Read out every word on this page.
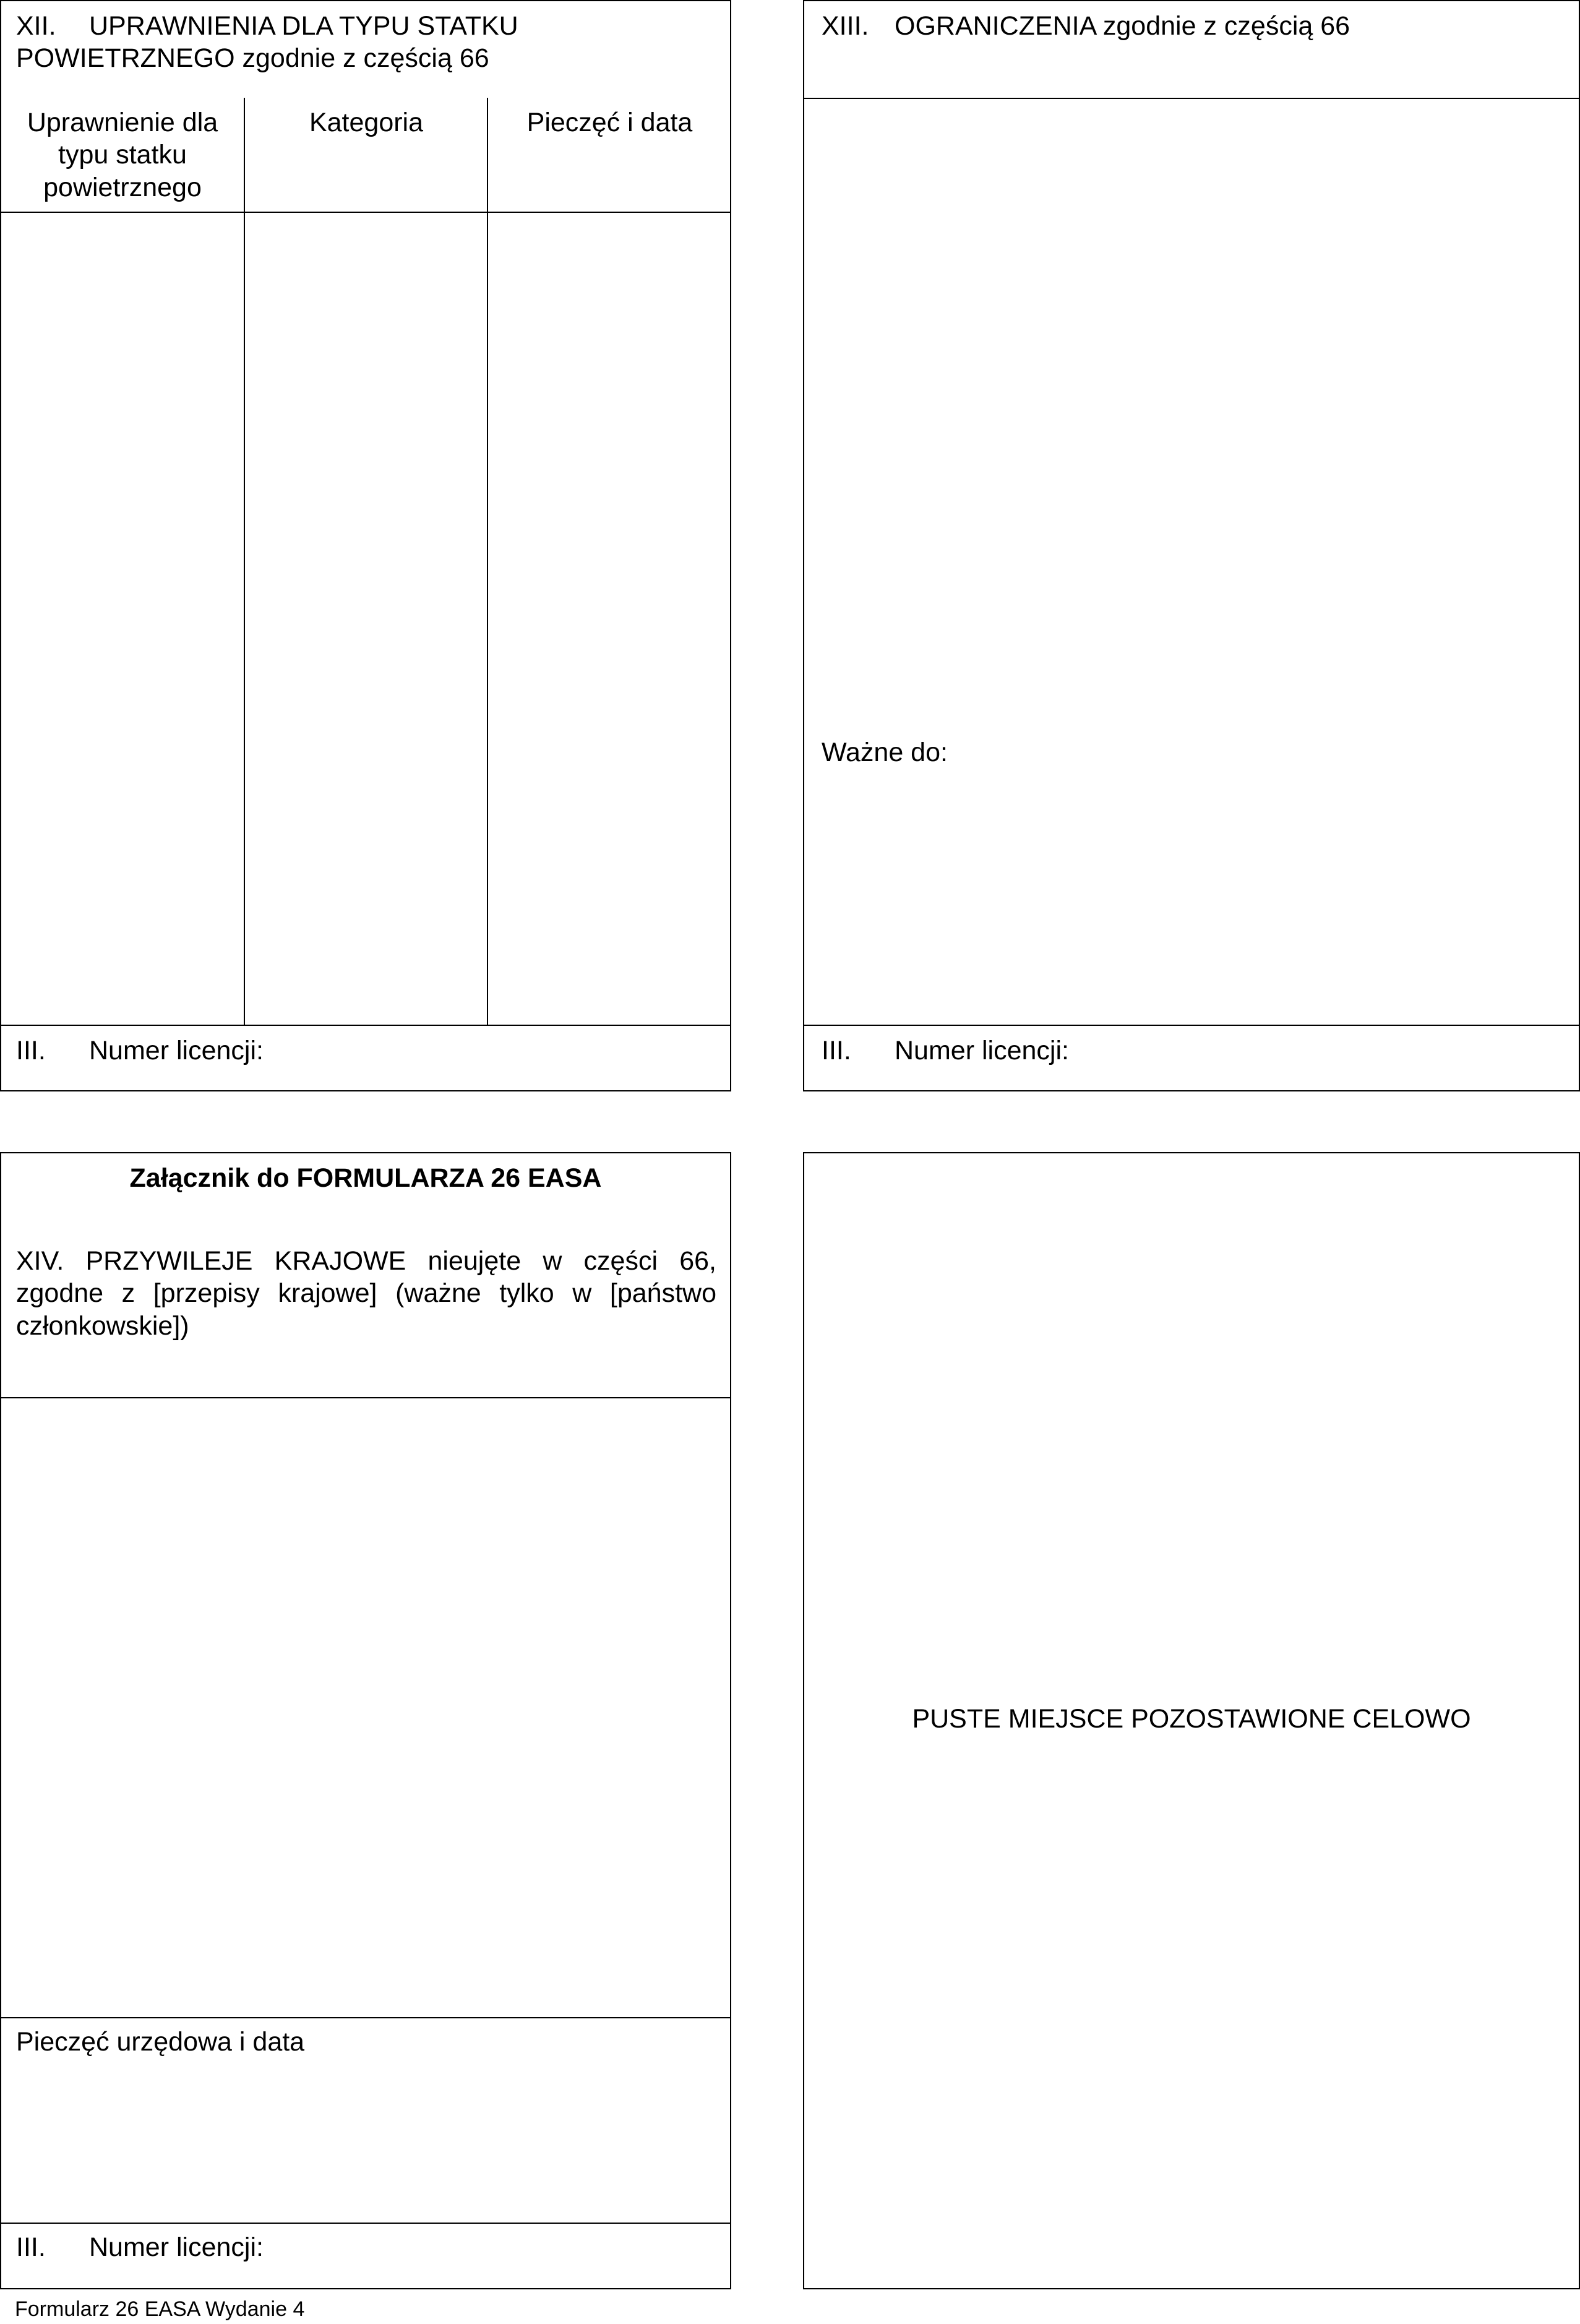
XII. UPRAWNIENIA DLA TYPU STATKU
POWIETRZNEGO zgodnie z częścią 66
Uprawnienie dla
typu statku
powietrznego
Kategoria	Pieczęć i data
III. Numer licencji:
XIII. OGRANICZENIA zgodnie z częścią 66
Ważne do:
III. Numer licencji:
Załącznik do FORMULARZA 26 EASA
XIV. PRZYWILEJE KRAJOWE nieujęte w części 66, zgodne z [przepisy krajowe] (ważne tylko w [państwo członkowskie])
Pieczęć urzędowa i data
III. Numer licencji:
PUSTE MIEJSCE POZOSTAWIONE CELOWO
Formularz 26 EASA Wydanie 4
